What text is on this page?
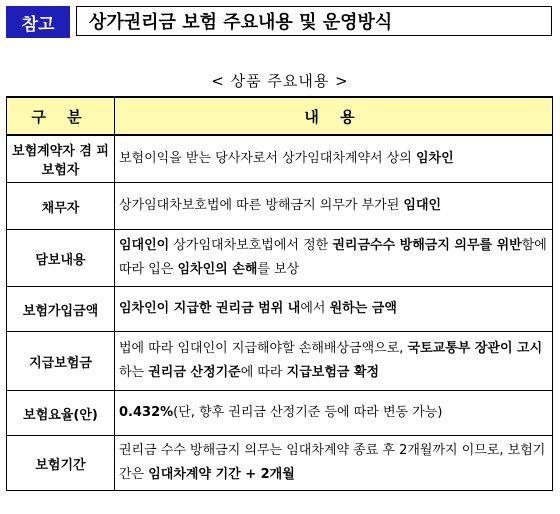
참고	상가권리금 보험 주요내용 및 운영방식
< 상품 주요내용 >
구 분	내 용
보험계약자 겸 피보험자	보험이익을 받는 당사자로서 상가임대차계약서 상의 임차인
채무자	상가임대차보호법에 따른 방해금지 의무가 부가된 임대인
담보내용	임대인이 상가임대차보호법에서 정한 권리금수수 방해금지 의무를 위반함에 따라 입은 임차인의 손해를 보상
보험가입금액	임차인이 지급한 권리금 범위 내에서 원하는 금액
지급보험금	법에 따라 임대인이 지급해야할 손해배상금액으로, 국토교통부 장관이 고시하는 권리금 산정기준에 따라 지급보험금 확정
보험요율(안)	0.432%(단, 향후 권리금 산정기준 등에 따라 변동 가능)
보험기간	권리금 수수 방해금지 의무는 임대차계약 종료 후 2개월까지 이므로, 보험기간은 임대차계약 기간 + 2개월
